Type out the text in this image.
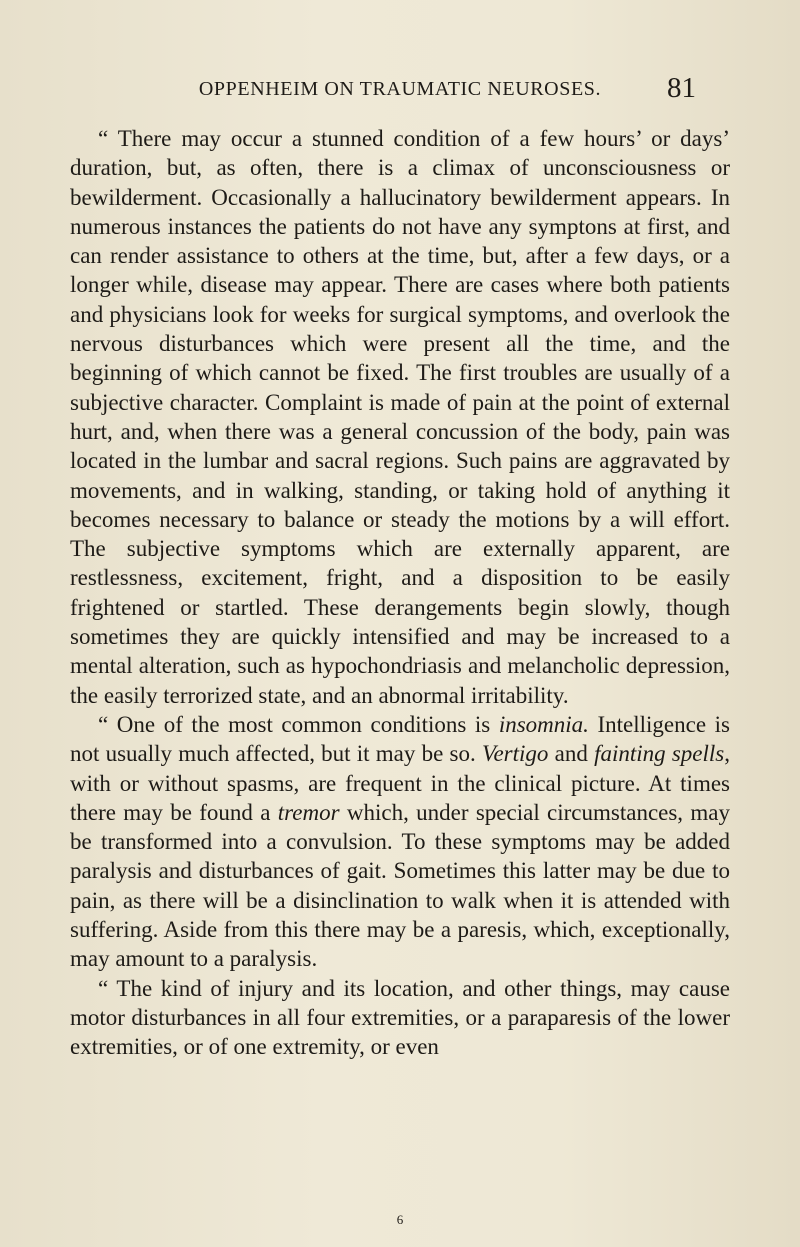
OPPENHEIM ON TRAUMATIC NEUROSES.	81

“ There may occur a stunned condition of a few hours’ or days’ duration, but, as often, there is a climax of unconsciousness or bewilderment. Occasionally a hallucinatory bewilderment appears. In numerous instances the patients do not have any symptons at first, and can render assistance to others at the time, but, after a few days, or a longer while, disease may appear. There are cases where both patients and physicians look for weeks for surgical symptoms, and overlook the nervous disturbances which were present all the time, and the beginning of which cannot be fixed. The first troubles are usually of a subjective character. Complaint is made of pain at the point of external hurt, and, when there was a general concussion of the body, pain was located in the lumbar and sacral regions. Such pains are aggravated by movements, and in walking, standing, or taking hold of anything it becomes necessary to balance or steady the motions by a will effort. The subjective symptoms which are externally apparent, are restlessness, excitement, fright, and a disposition to be easily frightened or startled. These derangements begin slowly, though sometimes they are quickly intensified and may be increased to a mental alteration, such as hypochondriasis and melancholic depression, the easily terrorized state, and an abnormal irritability.

“ One of the most common conditions is insomnia. Intelligence is not usually much affected, but it may be so. Vertigo and fainting spells, with or without spasms, are frequent in the clinical picture. At times there may be found a tremor which, under special circumstances, may be transformed into a convulsion. To these symptoms may be added paralysis and disturbances of gait. Sometimes this latter may be due to pain, as there will be a disinclination to walk when it is attended with suffering. Aside from this there may be a paresis, which, exceptionally, may amount to a paralysis.

“ The kind of injury and its location, and other things, may cause motor disturbances in all four extremities, or a paraparesis of the lower extremities, or of one extremity, or even

6
